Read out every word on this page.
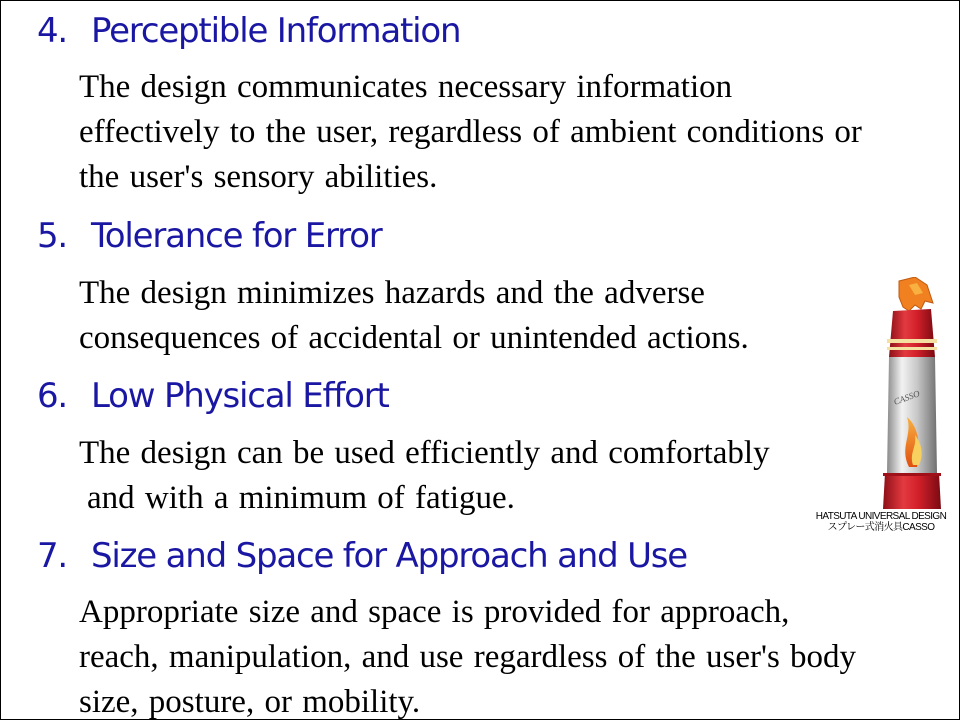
4. Perceptible Information

The design communicates necessary information
effectively to the user, regardless of ambient conditions or
the user's sensory abilities.

5. Tolerance for Error

The design minimizes hazards and the adverse
consequences of accidental or unintended actions.

6. Low Physical Effort

The design can be used efficiently and comfortably
and with a minimum of fatigue.

7. Size and Space for Approach and Use

Appropriate size and space is provided for approach,
reach, manipulation, and use regardless of the user's body
size, posture, or mobility.

CASSO
HATSUTA UNIVERSAL DESIGN
スプレー式消火具CASSO
